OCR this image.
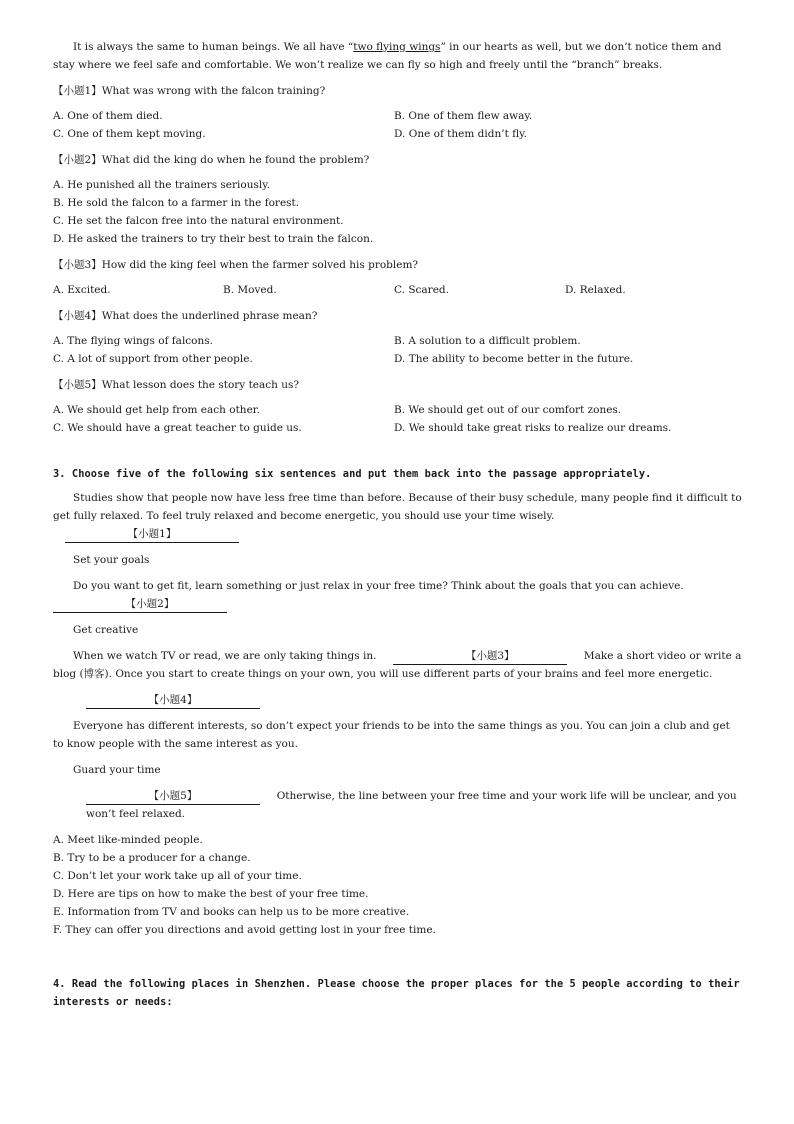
It is always the same to human beings. We all have “two flying wings” in our hearts as well, but we don’t notice them and stay where we feel safe and comfortable. We won’t realize we can fly so high and freely until the “branch” breaks.

【小题1】What was wrong with the falcon training?
A. One of them died.	B. One of them flew away.
C. One of them kept moving.	D. One of them didn’t fly.
【小题2】What did the king do when he found the problem?
A. He punished all the trainers seriously.
B. He sold the falcon to a farmer in the forest.
C. He set the falcon free into the natural environment.
D. He asked the trainers to try their best to train the falcon.
【小题3】How did the king feel when the farmer solved his problem?
A. Excited.	B. Moved.	C. Scared.	D. Relaxed.
【小题4】What does the underlined phrase mean?
A. The flying wings of falcons.	B. A solution to a difficult problem.
C. A lot of support from other people.	D. The ability to become better in the future.
【小题5】What lesson does the story teach us?
A. We should get help from each other.	B. We should get out of our comfort zones.
C. We should have a great teacher to guide us.	D. We should take great risks to realize our dreams.
3. Choose five of the following six sentences and put them back into the passage appropriately.

Studies show that people now have less free time than before. Because of their busy schedule, many people find it difficult to get fully relaxed. To feel truly relaxed and become energetic, you should use your time wisely.

【小题1】

Set your goals

Do you want to get fit, learn something or just relax in your free time? Think about the goals that you can achieve.    【小题2】

Get creative

When we watch TV or read, we are only taking things in.	【小题3】	Make a short video or write a blog (博客). Once you start to create things on your own, you will use different parts of your brains and feel more energetic.

【小题4】

Everyone has different interests, so don’t expect your friends to be into the same things as you. You can join a club and get to know people with the same interest as you.

Guard your time

【小题5】	Otherwise, the line between your free time and your work life will be unclear, and you won’t feel relaxed.

A. Meet like-minded people.
B. Try to be a producer for a change.
C. Don’t let your work take up all of your time.
D. Here are tips on how to make the best of your free time.
E. Information from TV and books can help us to be more creative.
F. They can offer you directions and avoid getting lost in your free time.
4. Read the following places in Shenzhen. Please choose the proper places for the 5 people according to their interests or needs:
